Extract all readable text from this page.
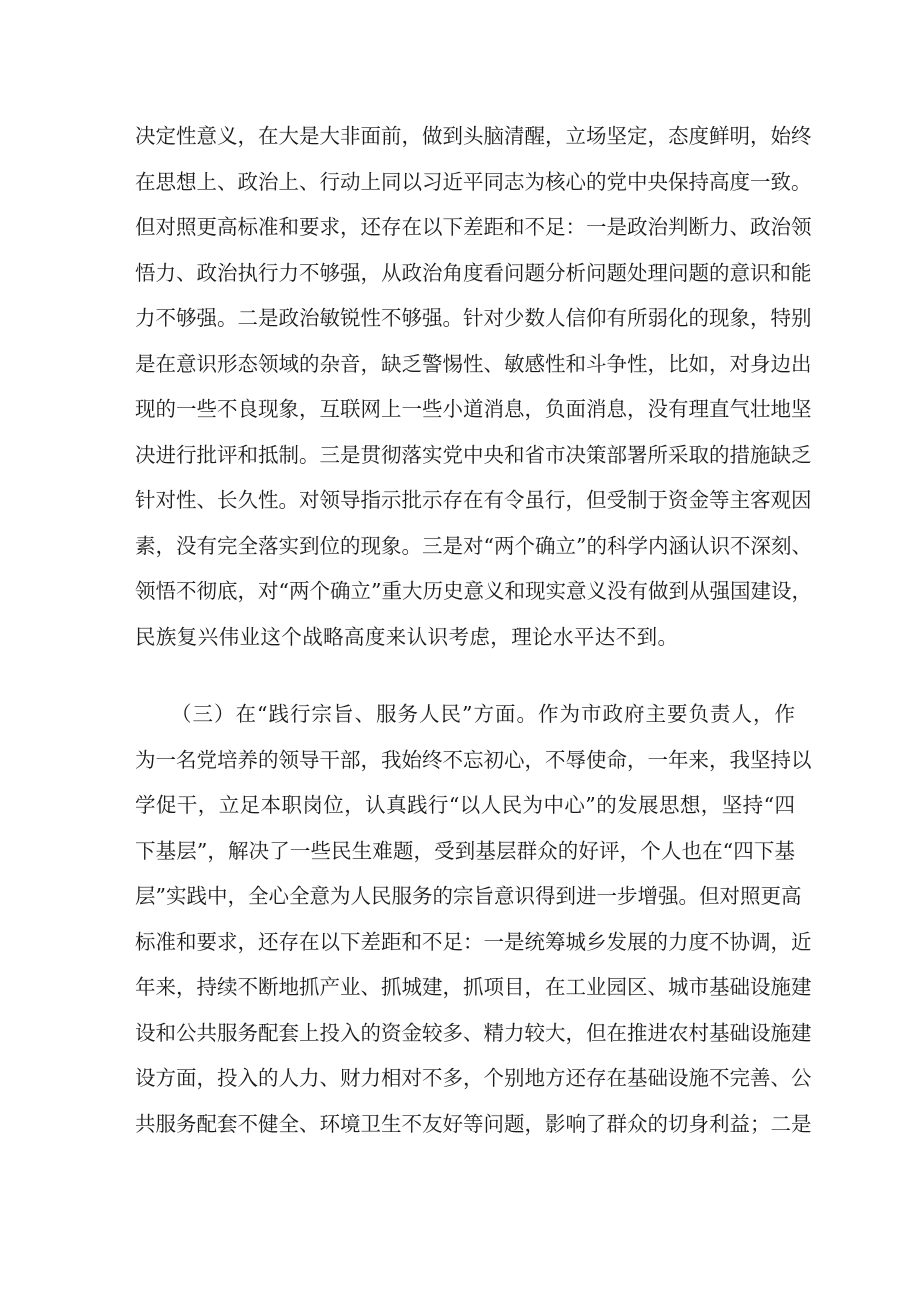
决定性意义，在大是大非面前，做到头脑清醒，立场坚定，态度鲜明，始终
在思想上、政治上、行动上同以习近平同志为核心的党中央保持高度一致。
但对照更高标准和要求，还存在以下差距和不足：一是政治判断力、政治领
悟力、政治执行力不够强，从政治角度看问题分析问题处理问题的意识和能
力不够强。二是政治敏锐性不够强。针对少数人信仰有所弱化的现象，特别
是在意识形态领域的杂音，缺乏警惕性、敏感性和斗争性，比如，对身边出
现的一些不良现象，互联网上一些小道消息，负面消息，没有理直气壮地坚
决进行批评和抵制。三是贯彻落实党中央和省市决策部署所采取的措施缺乏
针对性、长久性。对领导指示批示存在有令虽行，但受制于资金等主客观因
素，没有完全落实到位的现象。三是对“两个确立”的科学内涵认识不深刻、
领悟不彻底，对“两个确立”重大历史意义和现实意义没有做到从强国建设，
民族复兴伟业这个战略高度来认识考虑，理论水平达不到。
（三）在“践行宗旨、服务人民”方面。作为市政府主要负责人，作
为一名党培养的领导干部，我始终不忘初心，不辱使命，一年来，我坚持以
学促干，立足本职岗位，认真践行“以人民为中心”的发展思想，坚持“四
下基层”，解决了一些民生难题，受到基层群众的好评，个人也在“四下基
层”实践中，全心全意为人民服务的宗旨意识得到进一步增强。但对照更高
标准和要求，还存在以下差距和不足：一是统筹城乡发展的力度不协调，近
年来，持续不断地抓产业、抓城建，抓项目，在工业园区、城市基础设施建
设和公共服务配套上投入的资金较多、精力较大，但在推进农村基础设施建
设方面，投入的人力、财力相对不多，个别地方还存在基础设施不完善、公
共服务配套不健全、环境卫生不友好等问题，影响了群众的切身利益；二是
